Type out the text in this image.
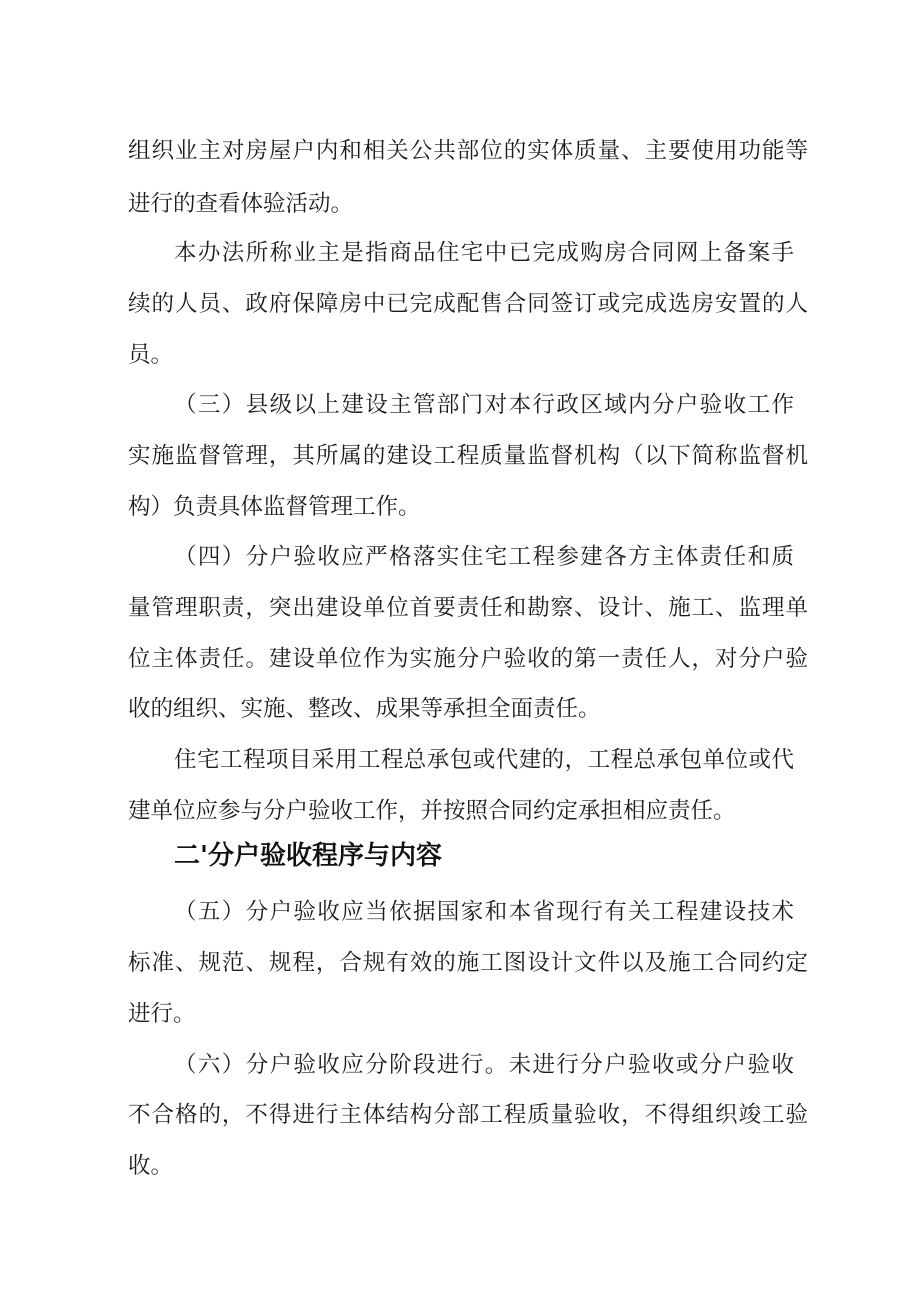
组织业主对房屋户内和相关公共部位的实体质量、主要使用功能等
进行的查看体验活动。
本办法所称业主是指商品住宅中已完成购房合同网上备案手
续的人员、政府保障房中已完成配售合同签订或完成选房安置的人
员。
（三）县级以上建设主管部门对本行政区域内分户验收工作
实施监督管理，其所属的建设工程质量监督机构（以下简称监督机
构）负责具体监督管理工作。
（四）分户验收应严格落实住宅工程参建各方主体责任和质
量管理职责，突出建设单位首要责任和勘察、设计、施工、监理单
位主体责任。建设单位作为实施分户验收的第一责任人，对分户验
收的组织、实施、整改、成果等承担全面责任。
住宅工程项目采用工程总承包或代建的，工程总承包单位或代
建单位应参与分户验收工作，并按照合同约定承担相应责任。
二'分户验收程序与内容
（五）分户验收应当依据国家和本省现行有关工程建设技术
标准、规范、规程，合规有效的施工图设计文件以及施工合同约定
进行。
（六）分户验收应分阶段进行。未进行分户验收或分户验收
不合格的，不得进行主体结构分部工程质量验收，不得组织竣工验
收。
